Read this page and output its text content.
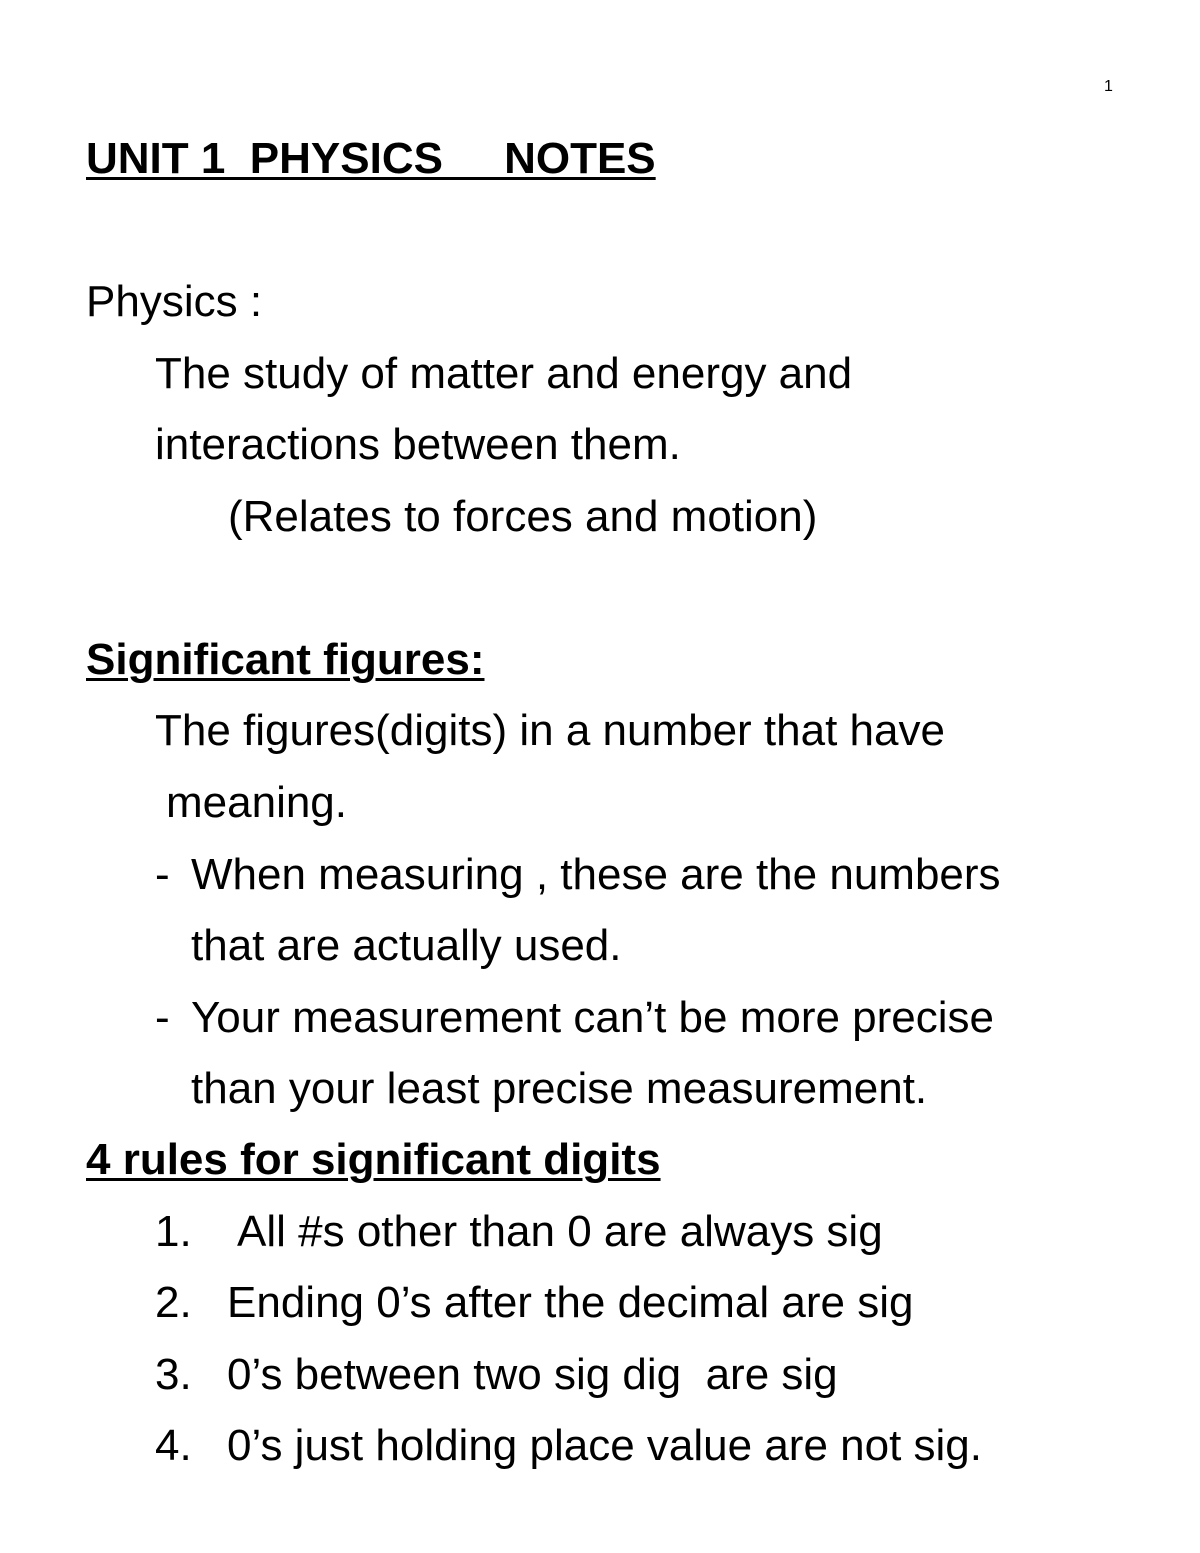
1
UNIT 1  PHYSICS     NOTES
Physics :
The study of matter and energy and
interactions between them.
(Relates to forces and motion)
Significant figures:
The figures(digits) in a number that have
meaning.
- When measuring , these are the numbers
that are actually used.
- Your measurement can’t be more precise
than your least precise measurement.
4 rules for significant digits
1. All #s other than 0 are always sig
2. Ending 0’s after the decimal are sig
3. 0’s between two sig dig  are sig
4. 0’s just holding place value are not sig.
